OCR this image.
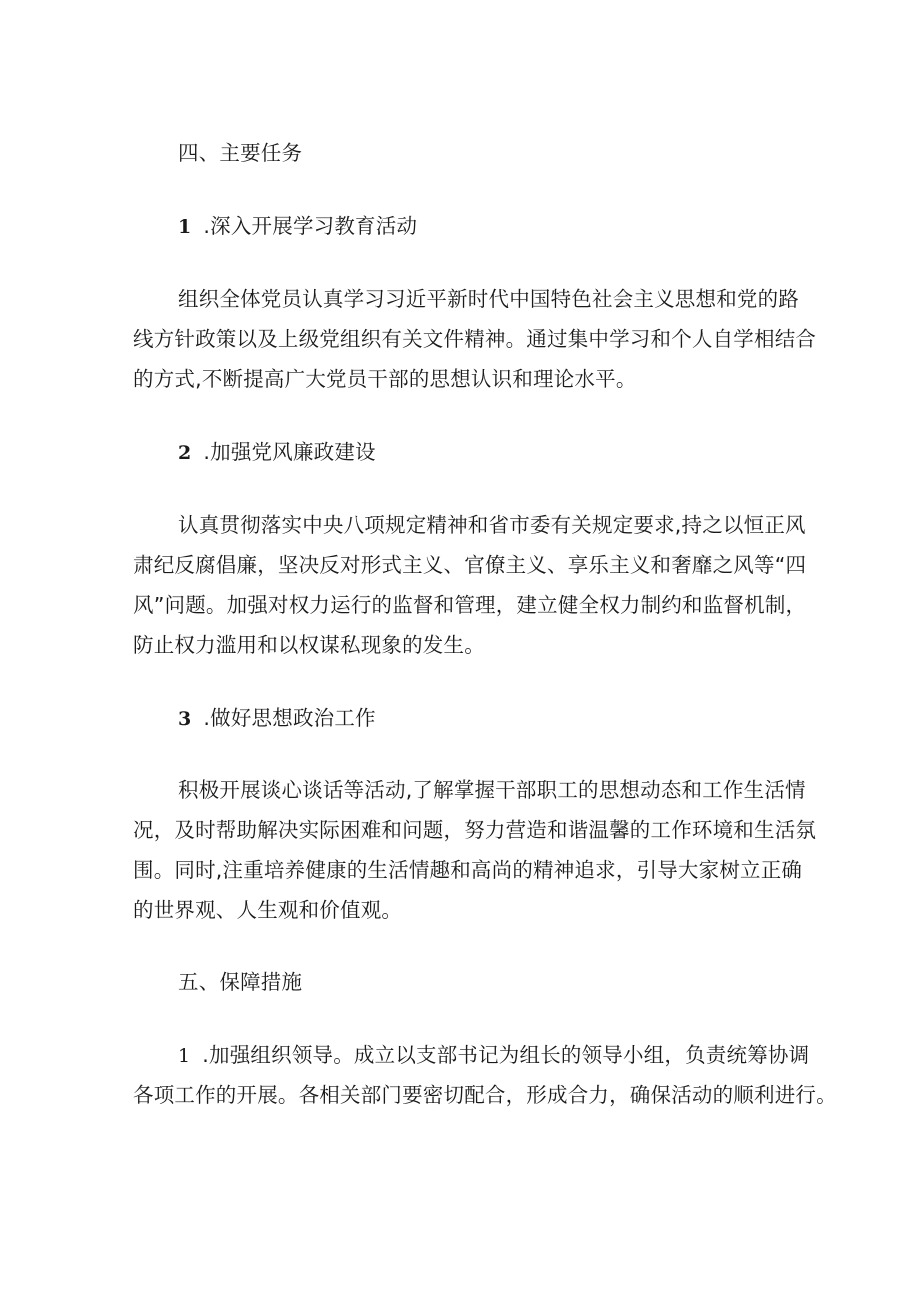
四、主要任务
1 .深入开展学习教育活动
组织全体党员认真学习习近平新时代中国特色社会主义思想和党的路
线方针政策以及上级党组织有关文件精神。通过集中学习和个人自学相结合
的方式,不断提高广大党员干部的思想认识和理论水平。
2 .加强党风廉政建设
认真贯彻落实中央八项规定精神和省市委有关规定要求,持之以恒正风
肃纪反腐倡廉，坚决反对形式主义、官僚主义、享乐主义和奢靡之风等“四
风”问题。加强对权力运行的监督和管理，建立健全权力制约和监督机制，
防止权力滥用和以权谋私现象的发生。
3 .做好思想政治工作
积极开展谈心谈话等活动,了解掌握干部职工的思想动态和工作生活情
况，及时帮助解决实际困难和问题，努力营造和谐温馨的工作环境和生活氛
围。同时,注重培养健康的生活情趣和高尚的精神追求，引导大家树立正确
的世界观、人生观和价值观。
五、保障措施
1 .加强组织领导。成立以支部书记为组长的领导小组，负责统筹协调
各项工作的开展。各相关部门要密切配合，形成合力，确保活动的顺利进行。
